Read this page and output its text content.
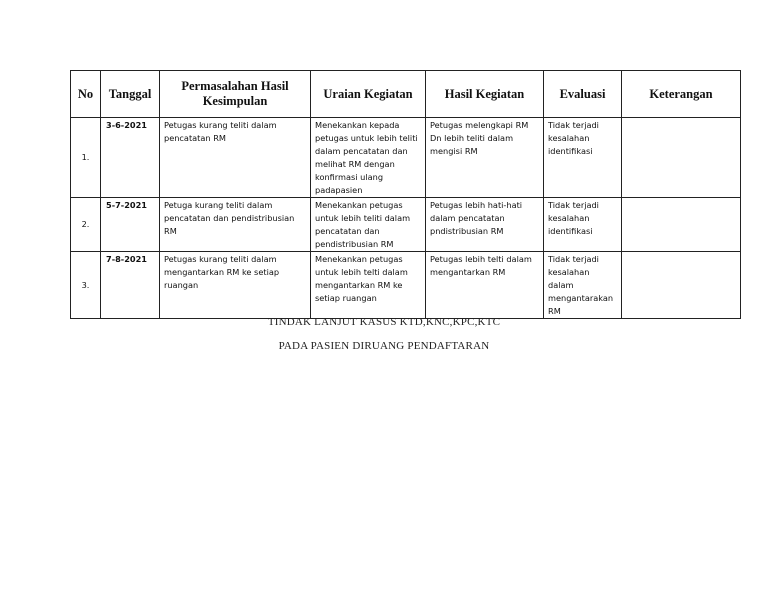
No	Tanggal	Permasalahan Hasil Kesimpulan	Uraian Kegiatan	Hasil Kegiatan	Evaluasi	Keterangan
1.	3-6-2021	Petugas kurang teliti dalam pencatatan RM	Menekankan kepada petugas untuk lebih teliti dalam pencatatan dan melihat RM dengan konfirmasi ulang padapasien	Petugas melengkapi RM Dn lebih teliti dalam mengisi RM	Tidak terjadi kesalahan identifikasi	
2.	5-7-2021	Petuga kurang teliti dalam pencatatan dan pendistribusian RM	Menekankan petugas untuk lebih teliti dalam pencatatan dan pendistribusian RM	Petugas lebih hati-hati dalam pencatatan pndistribusian RM	Tidak terjadi kesalahan identifikasi	
3.	7-8-2021	Petugas kurang teliti dalam mengantarkan RM ke setiap ruangan	Menekankan petugas untuk lebih telti dalam mengantarkan RM ke setiap ruangan	Petugas lebih telti dalam mengantarkan RM	Tidak terjadi kesalahan dalam mengantarakan RM	
TINDAK LANJUT KASUS KTD,KNC,KPC,KTC
PADA PASIEN DIRUANG PENDAFTARAN
